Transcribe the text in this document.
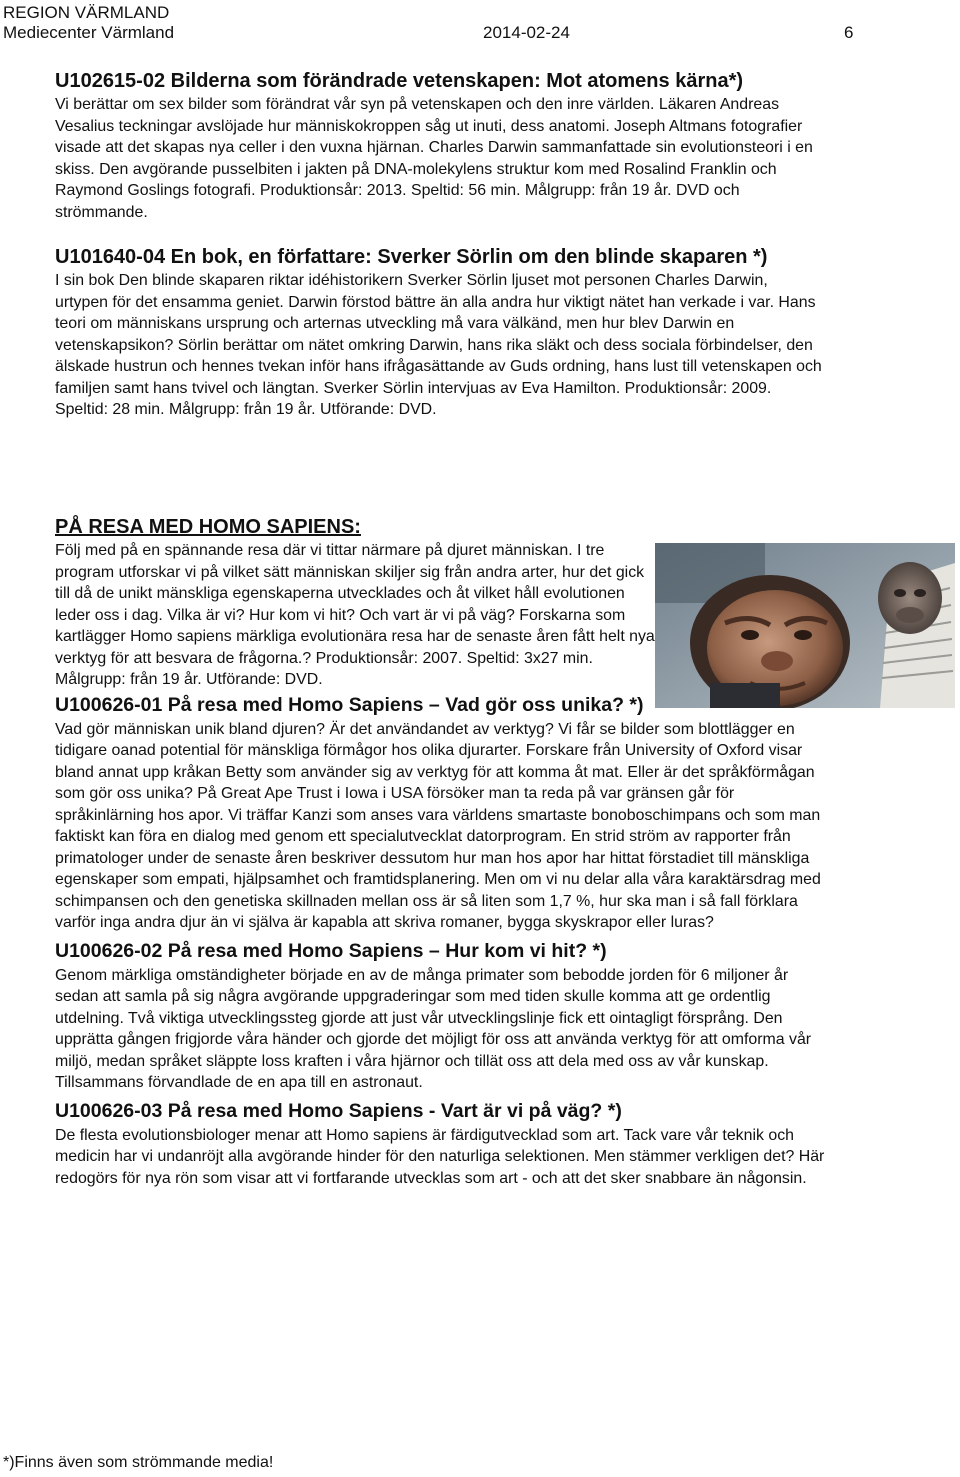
REGION VÄRMLAND
Mediecenter Värmland	2014-02-24	6
U102615-02 Bilderna som förändrade vetenskapen: Mot atomens kärna*)

Vi berättar om sex bilder som förändrat vår syn på vetenskapen och den inre världen. Läkaren Andreas Vesalius teckningar avslöjade hur människokroppen såg ut inuti, dess anatomi. Joseph Altmans fotografier visade att det skapas nya celler i den vuxna hjärnan. Charles Darwin sammanfattade sin evolutionsteori i en skiss. Den avgörande pusselbiten i jakten på DNA-molekylens struktur kom med Rosalind Franklin och Raymond Goslings fotografi. Produktionsår: 2013. Speltid: 56 min. Målgrupp: från 19 år. DVD och strömmande.

U101640-04 En bok, en författare: Sverker Sörlin om den blinde skaparen *)

I sin bok Den blinde skaparen riktar idéhistorikern Sverker Sörlin ljuset mot personen Charles Darwin, urtypen för det ensamma geniet. Darwin förstod bättre än alla andra hur viktigt nätet han verkade i var. Hans teori om människans ursprung och arternas utveckling må vara välkänd, men hur blev Darwin en vetenskapsikon? Sörlin berättar om nätet omkring Darwin, hans rika släkt och dess sociala förbindelser, den älskade hustrun och hennes tvekan inför hans ifrågasättande av Guds ordning, hans lust till vetenskapen och familjen samt hans tvivel och längtan. Sverker Sörlin intervjuas av Eva Hamilton. Produktionsår: 2009. Speltid: 28 min. Målgrupp: från 19 år. Utförande: DVD.

PÅ RESA MED HOMO SAPIENS:

Följ med på en spännande resa där vi tittar närmare på djuret människan. I tre program utforskar vi på vilket sätt människan skiljer sig från andra arter, hur det gick till då de unikt mänskliga egenskaperna utvecklades och åt vilket håll evolutionen leder oss i dag. Vilka är vi? Hur kom vi hit? Och vart är vi på väg? Forskarna som kartlägger Homo sapiens märkliga evolutionära resa har de senaste åren fått helt nya verktyg för att besvara de frågorna.? Produktionsår: 2007. Speltid: 3x27 min. Målgrupp: från 19 år. Utförande: DVD.

U100626-01 På resa med Homo Sapiens – Vad gör oss unika? *)

Vad gör människan unik bland djuren? Är det användandet av verktyg? Vi får se bilder som blottlägger en tidigare oanad potential för mänskliga förmågor hos olika djurarter. Forskare från University of Oxford visar bland annat upp kråkan Betty som använder sig av verktyg för att komma åt mat. Eller är det språkförmågan som gör oss unika? På Great Ape Trust i Iowa i USA försöker man ta reda på var gränsen går för språkinlärning hos apor. Vi träffar Kanzi som anses vara världens smartaste bonoboschimpans och som man faktiskt kan föra en dialog med genom ett specialutvecklat datorprogram. En strid ström av rapporter från primatologer under de senaste åren beskriver dessutom hur man hos apor har hittat förstadiet till mänskliga egenskaper som empati, hjälpsamhet och framtidsplanering. Men om vi nu delar alla våra karaktärsdrag med schimpansen och den genetiska skillnaden mellan oss är så liten som 1,7 %, hur ska man i så fall förklara varför inga andra djur än vi själva är kapabla att skriva romaner, bygga skyskrapor eller luras?

U100626-02 På resa med Homo Sapiens – Hur kom vi hit? *)

Genom märkliga omständigheter började en av de många primater som bebodde jorden för 6 miljoner år sedan att samla på sig några avgörande uppgraderingar som med tiden skulle komma att ge ordentlig utdelning. Två viktiga utvecklingssteg gjorde att just vår utvecklingslinje fick ett ointagligt försprång. Den upprätta gången frigjorde våra händer och gjorde det möjligt för oss att använda verktyg för att omforma vår miljö, medan språket släppte loss kraften i våra hjärnor och tillät oss att dela med oss av vår kunskap. Tillsammans förvandlade de en apa till en astronaut.

U100626-03 På resa med Homo Sapiens - Vart är vi på väg? *)

De flesta evolutionsbiologer menar att Homo sapiens är färdigutvecklad som art. Tack vare vår teknik och medicin har vi undanröjt alla avgörande hinder för den naturliga selektionen. Men stämmer verkligen det? Här redogörs för nya rön som visar att vi fortfarande utvecklas som art - och att det sker snabbare än någonsin.

*)Finns även som strömmande media!
